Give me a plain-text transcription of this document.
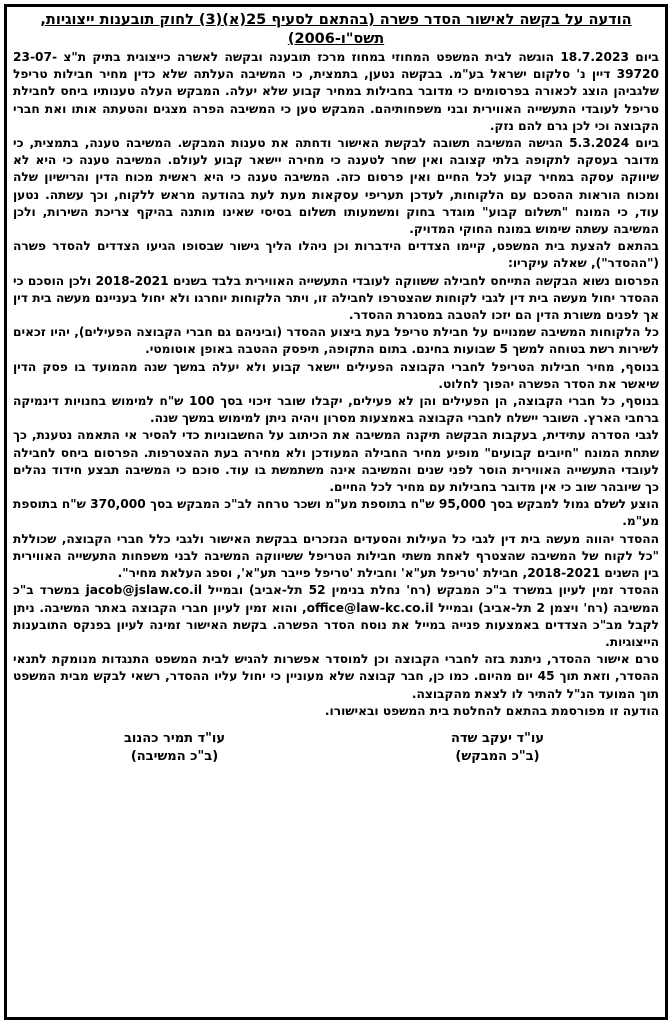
הודעה על בקשה לאישור הסדר פשרה (בהתאם לסעיף 25(א)(3) לחוק תובענות ייצוגיות,
תשס"ו-2006)

ביום 18.7.2023 הוגשה לבית המשפט המחוזי במחוז מרכז תובענה ובקשה לאשרה כייצוגית בתיק ת"צ 23-07-39720 דיין נ' סלקום ישראל בע"מ. בבקשה נטען, בתמצית, כי המשיבה העלתה שלא כדין מחיר חבילות טריפל שלגביהן הוצג לכאורה בפרסומים כי מדובר בחבילות במחיר קבוע שלא יעלה. המבקש העלה טענותיו ביחס לחבילת טריפל לעובדי התעשייה האווירית ובני משפחותיהם. המבקש טען כי המשיבה הפרה מצגים והטעתה אותו ואת חברי הקבוצה וכי לכן גרם להם נזק.

ביום 5.3.2024 הגישה המשיבה תשובה לבקשת האישור ודחתה את טענות המבקש. המשיבה טענה, בתמצית, כי מדובר בעסקה לתקופה בלתי קצובה ואין שחר לטענה כי מחירה יישאר קבוע לעולם. המשיבה טענה כי היא לא שיווקה עסקה במחיר קבוע לכל החיים ואין פרסום כזה. המשיבה טענה כי היא ראשית מכוח הדין והרישיון שלה ומכוח הוראות ההסכם עם הלקוחות, לעדכן תעריפי עסקאות מעת לעת בהודעה מראש ללקוח, וכך עשתה. נטען עוד, כי המונח "תשלום קבוע" מוגדר בחוק ומשמעותו תשלום בסיסי שאינו מותנה בהיקף צריכת השירות, ולכן המשיבה עשתה שימוש במונח החוקי המדויק.

בהתאם להצעת בית המשפט, קיימו הצדדים הידברות וכן ניהלו הליך גישור שבסופו הגיעו הצדדים להסדר פשרה ("ההסדר"), שאלה עיקריו:

הפרסום נשוא הבקשה התייחס לחבילה ששווקה לעובדי התעשייה האווירית בלבד בשנים 2018-2021 ולכן הוסכם כי ההסדר יחול מעשה בית דין לגבי לקוחות שהצטרפו לחבילה זו, ויתר הלקוחות יוחרגו ולא יחול בעניינם מעשה בית דין אך לפנים משורת הדין הם יזכו להטבה במסגרת ההסדר.

כל הלקוחות המשיבה שמנויים על חבילת טריפל בעת ביצוע ההסדר (וביניהם גם חברי הקבוצה הפעילים), יהיו זכאים לשירות רשת בטוחה למשך 5 שבועות בחינם. בתום התקופה, תיפסק ההטבה באופן אוטומטי.

בנוסף, מחיר חבילות הטריפל לחברי הקבוצה הפעילים יישאר קבוע ולא יעלה במשך שנה מהמועד בו פסק הדין שיאשר את הסדר הפשרה יהפוך לחלוט.

בנוסף, כל חברי הקבוצה, הן הפעילים והן לא פעילים, יקבלו שובר זיכוי בסך 100 ש"ח למימוש בחנויות דינמיקה ברחבי הארץ. השובר יישלח לחברי הקבוצה באמצעות מסרון ויהיה ניתן למימוש במשך שנה.

לגבי הסדרה עתידית, בעקבות הבקשה תיקנה המשיבה את הכיתוב על החשבוניות כדי להסיר אי התאמה נטענת, כך שתחת המונח "חיובים קבועים" מופיע מחיר החבילה המעודכן ולא מחירה בעת ההצטרפות. הפרסום ביחס לחבילה לעובדי התעשייה האווירית הוסר לפני שנים והמשיבה אינה משתמשת בו עוד. סוכם כי המשיבה תבצע חידוד נהלים כך שיובהר שוב כי אין מדובר בחבילות עם מחיר לכל החיים.

הוצע לשלם גמול למבקש בסך 95,000 ש"ח בתוספת מע"מ ושכר טרחה לב"כ המבקש בסך 370,000 ש"ח בתוספת מע"מ.

ההסדר יהווה מעשה בית דין לגבי כל העילות והסעדים הנזכרים בבקשת האישור ולגבי כלל חברי הקבוצה, שכוללת "כל לקוח של המשיבה שהצטרף לאחת משתי חבילות הטריפל ששיווקה המשיבה לבני משפחות התעשייה האווירית בין השנים 2018-2021, חבילת 'טריפל תע"א' וחבילת 'טריפל פייבר תע"א', וספג העלאת מחיר".

ההסדר זמין לעיון במשרד ב"כ המבקש (רח' נחלת בנימין 52 תל-אביב) ובמייל jacob@jslaw.co.il במשרד ב"כ המשיבה (רח' ויצמן 2 תל-אביב) ובמייל office@law-kc.co.il, והוא זמין לעיון חברי הקבוצה באתר המשיבה. ניתן לקבל מב"כ הצדדים באמצעות פנייה במייל את נוסח הסדר הפשרה. בקשת האישור זמינה לעיון בפנקס התובענות הייצוגיות.

טרם אישור ההסדר, ניתנת בזה לחברי הקבוצה וכן למוסדר אפשרות להגיש לבית המשפט התנגדות מנומקת לתנאי ההסדר, וזאת תוך 45 יום מהיום. כמו כן, חבר קבוצה שלא מעוניין כי יחול עליו ההסדר, רשאי לבקש מבית המשפט תוך המועד הנ"ל להתיר לו לצאת מהקבוצה.

הודעה זו מפורסמת בהתאם להחלטת בית המשפט ובאישורו.

עו"ד יעקב שדה
(ב"כ המבקש)
עו"ד תמיר כהנוב
(ב"כ המשיבה)
